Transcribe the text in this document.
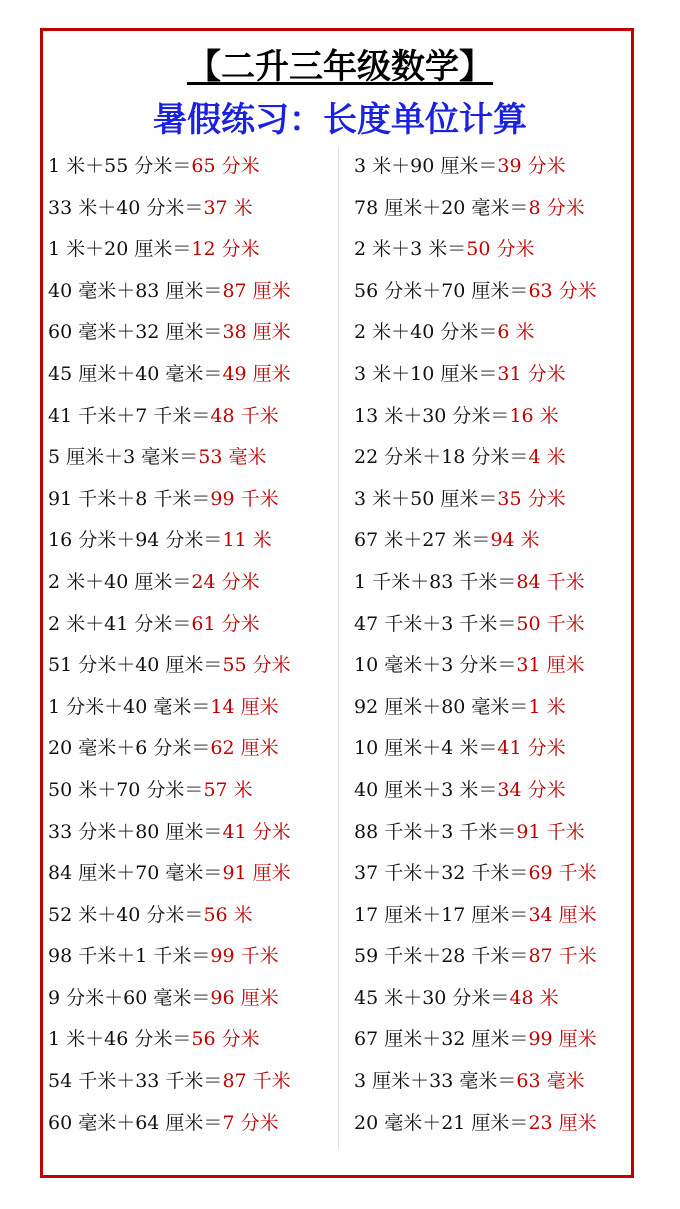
【二升三年级数学】
暑假练习：长度单位计算
1 米＋55 分米＝65 分米
33 米＋40 分米＝37 米
1 米＋20 厘米＝12 分米
40 毫米＋83 厘米＝87 厘米
60 毫米＋32 厘米＝38 厘米
45 厘米＋40 毫米＝49 厘米
41 千米＋7 千米＝48 千米
5 厘米＋3 毫米＝53 毫米
91 千米＋8 千米＝99 千米
16 分米＋94 分米＝11 米
2 米＋40 厘米＝24 分米
2 米＋41 分米＝61 分米
51 分米＋40 厘米＝55 分米
1 分米＋40 毫米＝14 厘米
20 毫米＋6 分米＝62 厘米
50 米＋70 分米＝57 米
33 分米＋80 厘米＝41 分米
84 厘米＋70 毫米＝91 厘米
52 米＋40 分米＝56 米
98 千米＋1 千米＝99 千米
9 分米＋60 毫米＝96 厘米
1 米＋46 分米＝56 分米
54 千米＋33 千米＝87 千米
60 毫米＋64 厘米＝7 分米
3 米＋90 厘米＝39 分米
78 厘米＋20 毫米＝8 分米
2 米＋3 米＝50 分米
56 分米＋70 厘米＝63 分米
2 米＋40 分米＝6 米
3 米＋10 厘米＝31 分米
13 米＋30 分米＝16 米
22 分米＋18 分米＝4 米
3 米＋50 厘米＝35 分米
67 米＋27 米＝94 米
1 千米＋83 千米＝84 千米
47 千米＋3 千米＝50 千米
10 毫米＋3 分米＝31 厘米
92 厘米＋80 毫米＝1 米
10 厘米＋4 米＝41 分米
40 厘米＋3 米＝34 分米
88 千米＋3 千米＝91 千米
37 千米＋32 千米＝69 千米
17 厘米＋17 厘米＝34 厘米
59 千米＋28 千米＝87 千米
45 米＋30 分米＝48 米
67 厘米＋32 厘米＝99 厘米
3 厘米＋33 毫米＝63 毫米
20 毫米＋21 厘米＝23 厘米
